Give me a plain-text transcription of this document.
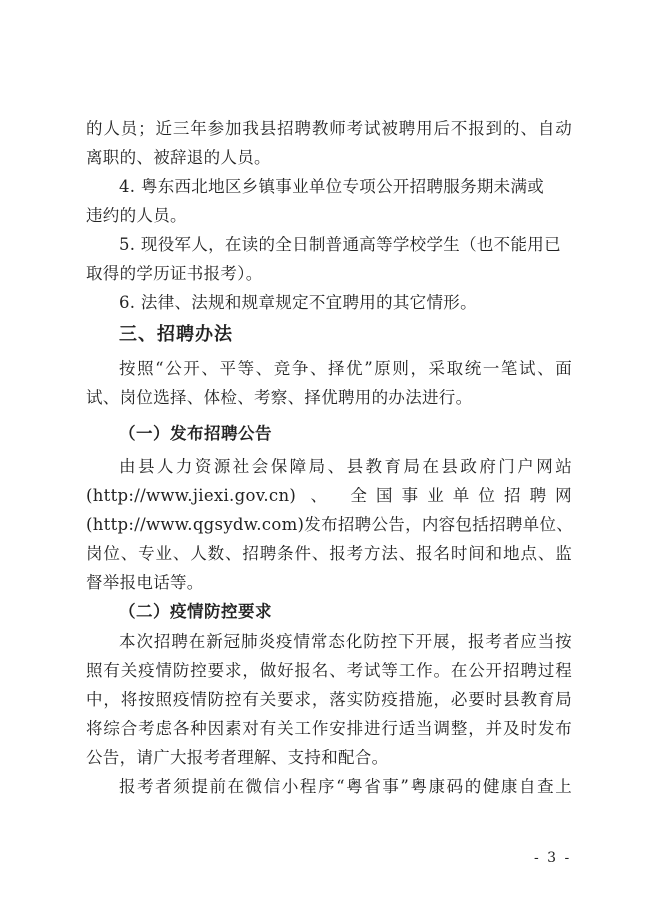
的人员；近三年参加我县招聘教师考试被聘用后不报到的、自动
离职的、被辞退的人员。
4. 粤东西北地区乡镇事业单位专项公开招聘服务期未满或
违约的人员。
5. 现役军人，在读的全日制普通高等学校学生（也不能用已
取得的学历证书报考）。
6. 法律、法规和规章规定不宜聘用的其它情形。
三、招聘办法
按照“公开、平等、竞争、择优”原则，采取统一笔试、面
试、岗位选择、体检、考察、择优聘用的办法进行。
（一）发布招聘公告
由县人力资源社会保障局、县教育局在县政府门户网站
(http://www.jiexi.gov.cn) 、 全国事业单位招聘网
(http://www.qgsydw.com)发布招聘公告，内容包括招聘单位、
岗位、专业、人数、招聘条件、报考方法、报名时间和地点、监
督举报电话等。
（二）疫情防控要求
本次招聘在新冠肺炎疫情常态化防控下开展，报考者应当按
照有关疫情防控要求，做好报名、考试等工作。在公开招聘过程
中，将按照疫情防控有关要求，落实防疫措施，必要时县教育局
将综合考虑各种因素对有关工作安排进行适当调整，并及时发布
公告，请广大报考者理解、支持和配合。
报考者须提前在微信小程序“粤省事”粤康码的健康自查上
- 3 -
